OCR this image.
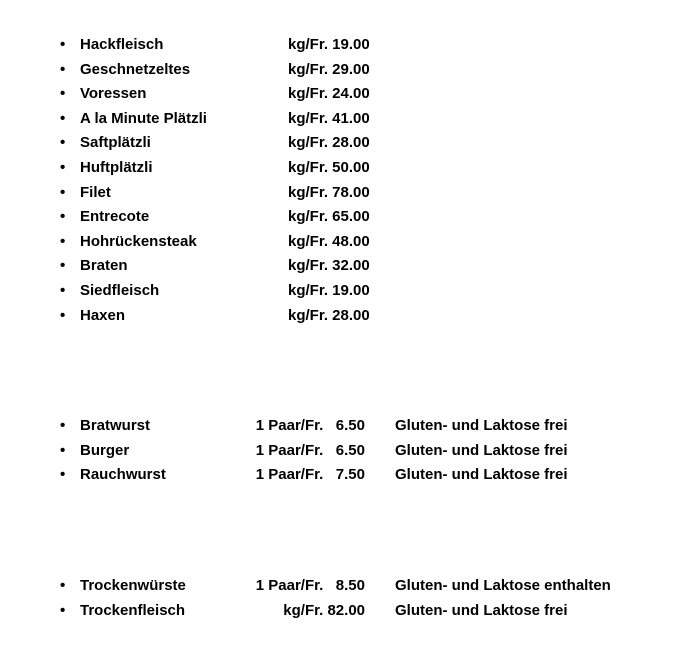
• Hackfleisch	kg/Fr. 19.00
• Geschnetzeltes	kg/Fr. 29.00
• Voressen	kg/Fr. 24.00
• A la Minute Plätzli	kg/Fr. 41.00
• Saftplätzli	kg/Fr. 28.00
• Huftplätzli	kg/Fr. 50.00
• Filet	kg/Fr. 78.00
• Entrecote	kg/Fr. 65.00
• Hohrückensteak	kg/Fr. 48.00
• Braten	kg/Fr. 32.00
• Siedfleisch	kg/Fr. 19.00
• Haxen	kg/Fr. 28.00
• Bratwurst	1 Paar/Fr.   6.50 Gluten- und Laktose frei
• Burger	1 Paar/Fr.   6.50 Gluten- und Laktose frei
• Rauchwurst	1 Paar/Fr.   7.50 Gluten- und Laktose frei
• Trockenwürste	1 Paar/Fr.   8.50 Gluten- und Laktose enthalten
• Trockenfleisch	kg/Fr. 82.00 Gluten- und Laktose frei
